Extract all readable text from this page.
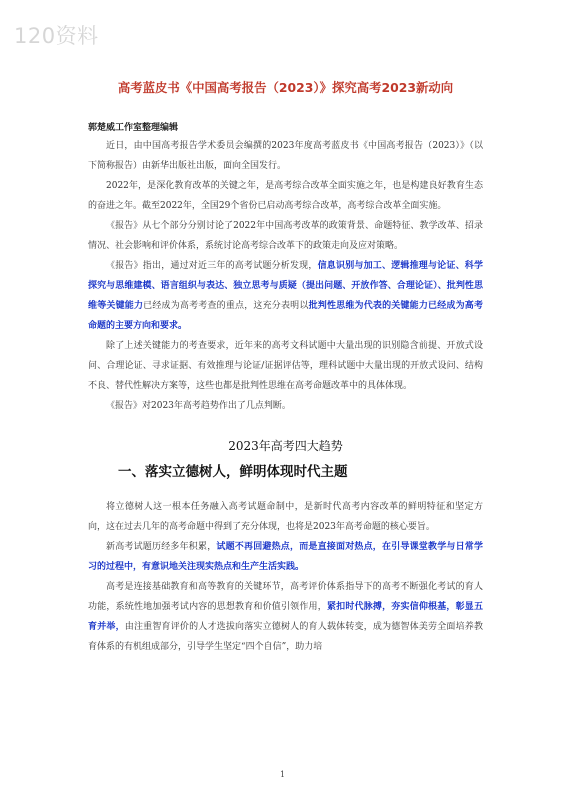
120资料
高考蓝皮书《中国高考报告（2023）》探究高考2023新动向
郭楚威工作室整理编辑

近日，由中国高考报告学术委员会编撰的2023年度高考蓝皮书《中国高考报告（2023）》（以下简称报告）由新华出版社出版，面向全国发行。

2022年，是深化教育改革的关键之年，是高考综合改革全面实施之年，也是构建良好教育生态的奋进之年。截至2022年，全国29个省份已启动高考综合改革，高考综合改革全面实施。

《报告》从七个部分分别讨论了2022年中国高考改革的政策背景、命题特征、教学改革、招录情况、社会影响和评价体系，系统讨论高考综合改革下的政策走向及应对策略。

《报告》指出，通过对近三年的高考试题分析发现，信息识别与加工、逻辑推理与论证、科学探究与思维建模、语言组织与表达、独立思考与质疑（提出问题、开放作答、合理论证）、批判性思维等关键能力已经成为高考考查的重点，这充分表明以批判性思维为代表的关键能力已经成为高考命题的主要方向和要求。

除了上述关键能力的考查要求，近年来的高考文科试题中大量出现的识别隐含前提、开放式设问、合理论证、寻求证据、有效推理与论证/证据评估等，理科试题中大量出现的开放式设问、结构不良、替代性解决方案等，这些也都是批判性思维在高考命题改革中的具体体现。

《报告》对2023年高考趋势作出了几点判断。

2023年高考四大趋势
一、落实立德树人，鲜明体现时代主题

将立德树人这一根本任务融入高考试题命制中，是新时代高考内容改革的鲜明特征和坚定方向，这在过去几年的高考命题中得到了充分体现，也将是2023年高考命题的核心要旨。

新高考试题历经多年积累，试题不再回避热点，而是直接面对热点，在引导课堂教学与日常学习的过程中，有意识地关注现实热点和生产生活实践。

高考是连接基础教育和高等教育的关键环节，高考评价体系指导下的高考不断强化考试的育人功能，系统性地加强考试内容的思想教育和价值引领作用，紧扣时代脉搏，夯实信仰根基，彰显五育并举，由注重智育评价的人才选拔向落实立德树人的育人载体转变，成为德智体美劳全面培养教育体系的有机组成部分，引导学生坚定“四个自信”，助力培

1
